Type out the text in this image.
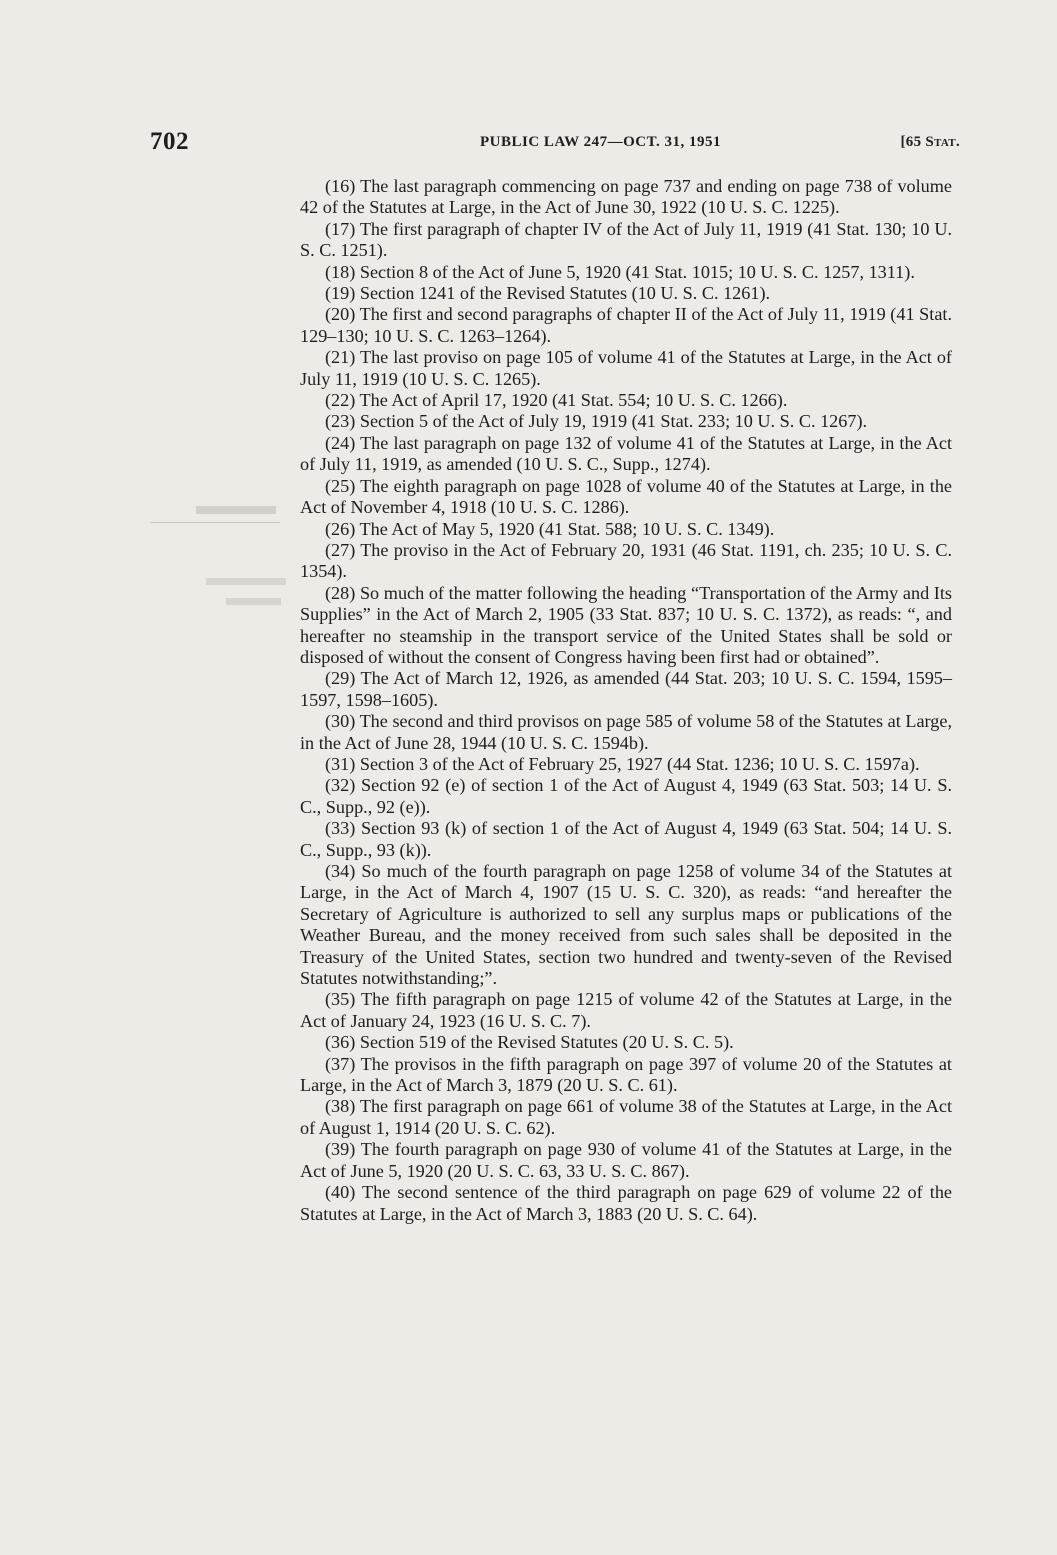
702	PUBLIC LAW 247—OCT. 31, 1951	[65 Stat.

(16) The last paragraph commencing on page 737 and ending on page 738 of volume 42 of the Statutes at Large, in the Act of June 30, 1922 (10 U. S. C. 1225).

(17) The first paragraph of chapter IV of the Act of July 11, 1919 (41 Stat. 130; 10 U. S. C. 1251).

(18) Section 8 of the Act of June 5, 1920 (41 Stat. 1015; 10 U. S. C. 1257, 1311).

(19) Section 1241 of the Revised Statutes (10 U. S. C. 1261).

(20) The first and second paragraphs of chapter II of the Act of July 11, 1919 (41 Stat. 129–130; 10 U. S. C. 1263–1264).

(21) The last proviso on page 105 of volume 41 of the Statutes at Large, in the Act of July 11, 1919 (10 U. S. C. 1265).

(22) The Act of April 17, 1920 (41 Stat. 554; 10 U. S. C. 1266).

(23) Section 5 of the Act of July 19, 1919 (41 Stat. 233; 10 U. S. C. 1267).

(24) The last paragraph on page 132 of volume 41 of the Statutes at Large, in the Act of July 11, 1919, as amended (10 U. S. C., Supp., 1274).

(25) The eighth paragraph on page 1028 of volume 40 of the Statutes at Large, in the Act of November 4, 1918 (10 U. S. C. 1286).

(26) The Act of May 5, 1920 (41 Stat. 588; 10 U. S. C. 1349).

(27) The proviso in the Act of February 20, 1931 (46 Stat. 1191, ch. 235; 10 U. S. C. 1354).

(28) So much of the matter following the heading “Transportation of the Army and Its Supplies” in the Act of March 2, 1905 (33 Stat. 837; 10 U. S. C. 1372), as reads: “, and hereafter no steamship in the transport service of the United States shall be sold or disposed of without the consent of Congress having been first had or obtained”.

(29) The Act of March 12, 1926, as amended (44 Stat. 203; 10 U. S. C. 1594, 1595–1597, 1598–1605).

(30) The second and third provisos on page 585 of volume 58 of the Statutes at Large, in the Act of June 28, 1944 (10 U. S. C. 1594b).

(31) Section 3 of the Act of February 25, 1927 (44 Stat. 1236; 10 U. S. C. 1597a).

(32) Section 92 (e) of section 1 of the Act of August 4, 1949 (63 Stat. 503; 14 U. S. C., Supp., 92 (e)).

(33) Section 93 (k) of section 1 of the Act of August 4, 1949 (63 Stat. 504; 14 U. S. C., Supp., 93 (k)).

(34) So much of the fourth paragraph on page 1258 of volume 34 of the Statutes at Large, in the Act of March 4, 1907 (15 U. S. C. 320), as reads: “and hereafter the Secretary of Agriculture is authorized to sell any surplus maps or publications of the Weather Bureau, and the money received from such sales shall be deposited in the Treasury of the United States, section two hundred and twenty-seven of the Revised Statutes notwithstanding;”.

(35) The fifth paragraph on page 1215 of volume 42 of the Statutes at Large, in the Act of January 24, 1923 (16 U. S. C. 7).

(36) Section 519 of the Revised Statutes (20 U. S. C. 5).

(37) The provisos in the fifth paragraph on page 397 of volume 20 of the Statutes at Large, in the Act of March 3, 1879 (20 U. S. C. 61).

(38) The first paragraph on page 661 of volume 38 of the Statutes at Large, in the Act of August 1, 1914 (20 U. S. C. 62).

(39) The fourth paragraph on page 930 of volume 41 of the Statutes at Large, in the Act of June 5, 1920 (20 U. S. C. 63, 33 U. S. C. 867).

(40) The second sentence of the third paragraph on page 629 of volume 22 of the Statutes at Large, in the Act of March 3, 1883 (20 U. S. C. 64).
